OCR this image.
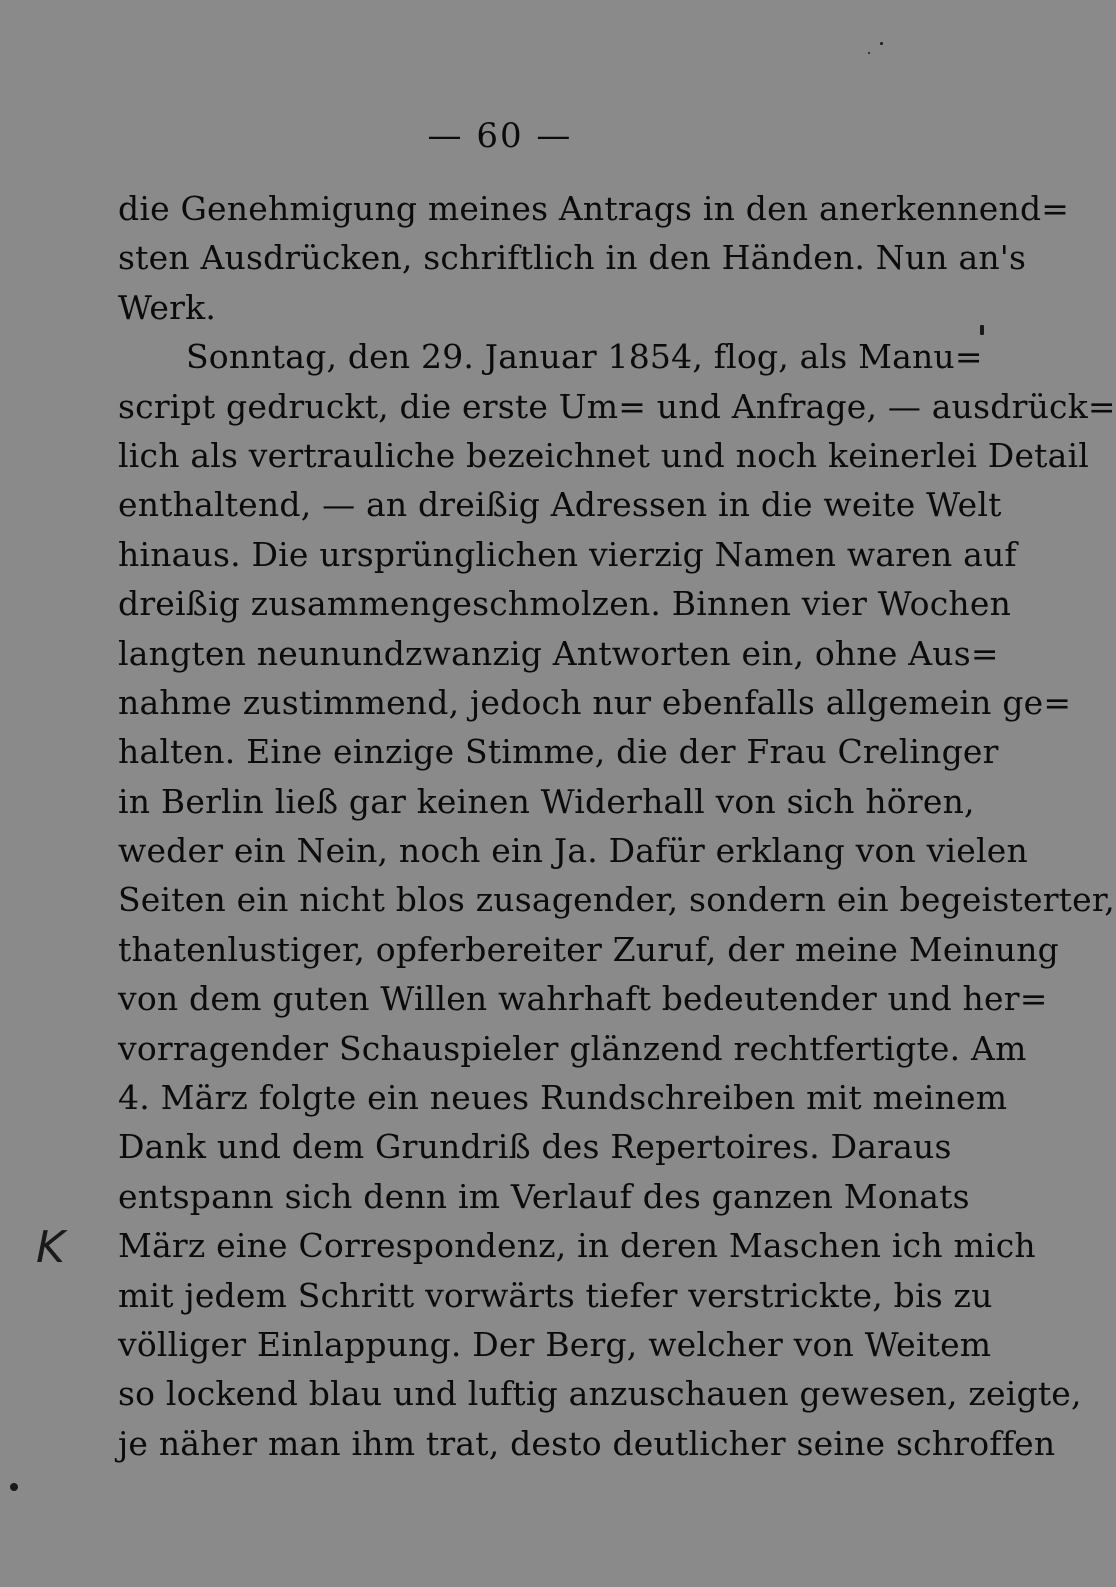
— 60 —
die Genehmigung meines Antrags in den anerkennend=
sten Ausdrücken, schriftlich in den Händen. Nun an's
Werk.
Sonntag, den 29. Januar 1854, flog, als Manu=
script gedruckt, die erste Um= und Anfrage, — ausdrück=
lich als vertrauliche bezeichnet und noch keinerlei Detail
enthaltend, — an dreißig Adressen in die weite Welt
hinaus. Die ursprünglichen vierzig Namen waren auf
dreißig zusammengeschmolzen. Binnen vier Wochen
langten neunundzwanzig Antworten ein, ohne Aus=
nahme zustimmend, jedoch nur ebenfalls allgemein ge=
halten. Eine einzige Stimme, die der Frau Crelinger
in Berlin ließ gar keinen Widerhall von sich hören,
weder ein Nein, noch ein Ja. Dafür erklang von vielen
Seiten ein nicht blos zusagender, sondern ein begeisterter,
thatenlustiger, opferbereiter Zuruf, der meine Meinung
von dem guten Willen wahrhaft bedeutender und her=
vorragender Schauspieler glänzend rechtfertigte. Am
4. März folgte ein neues Rundschreiben mit meinem
Dank und dem Grundriß des Repertoires. Daraus
entspann sich denn im Verlauf des ganzen Monats
März eine Correspondenz, in deren Maschen ich mich
mit jedem Schritt vorwärts tiefer verstrickte, bis zu
völliger Einlappung. Der Berg, welcher von Weitem
so lockend blau und luftig anzuschauen gewesen, zeigte,
je näher man ihm trat, desto deutlicher seine schroffen
K
